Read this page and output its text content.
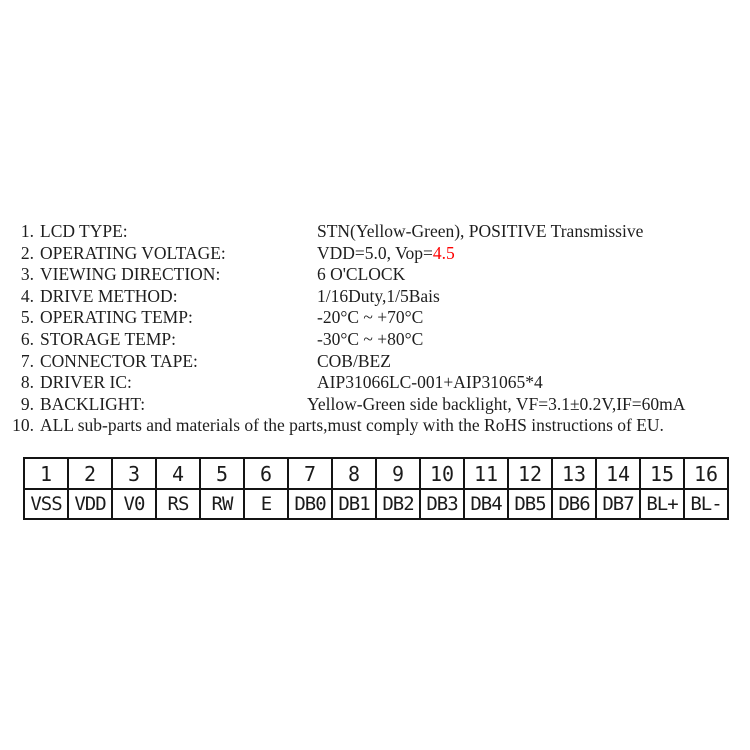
1. LCD TYPE:	STN(Yellow-Green), POSITIVE Transmissive
2. OPERATING VOLTAGE:	VDD=5.0, Vop=4.5
3. VIEWING DIRECTION:	6 O'CLOCK
4. DRIVE METHOD:	1/16Duty,1/5Bais
5. OPERATING TEMP:	-20°C ~ +70°C
6. STORAGE TEMP:	-30°C ~ +80°C
7. CONNECTOR TAPE:	COB/BEZ
8. DRIVER IC:	AIP31066LC-001+AIP31065*4
9. BACKLIGHT:	Yellow-Green side backlight, VF=3.1±0.2V,IF=60mA
10. ALL sub-parts and materials of the parts,must comply with the RoHS instructions of EU.
1	2	3	4	5	6	7	8	9	10	11	12	13	14	15	16
VSS	VDD	V0	RS	RW	E	DB0	DB1	DB2	DB3	DB4	DB5	DB6	DB7	BL+	BL-
